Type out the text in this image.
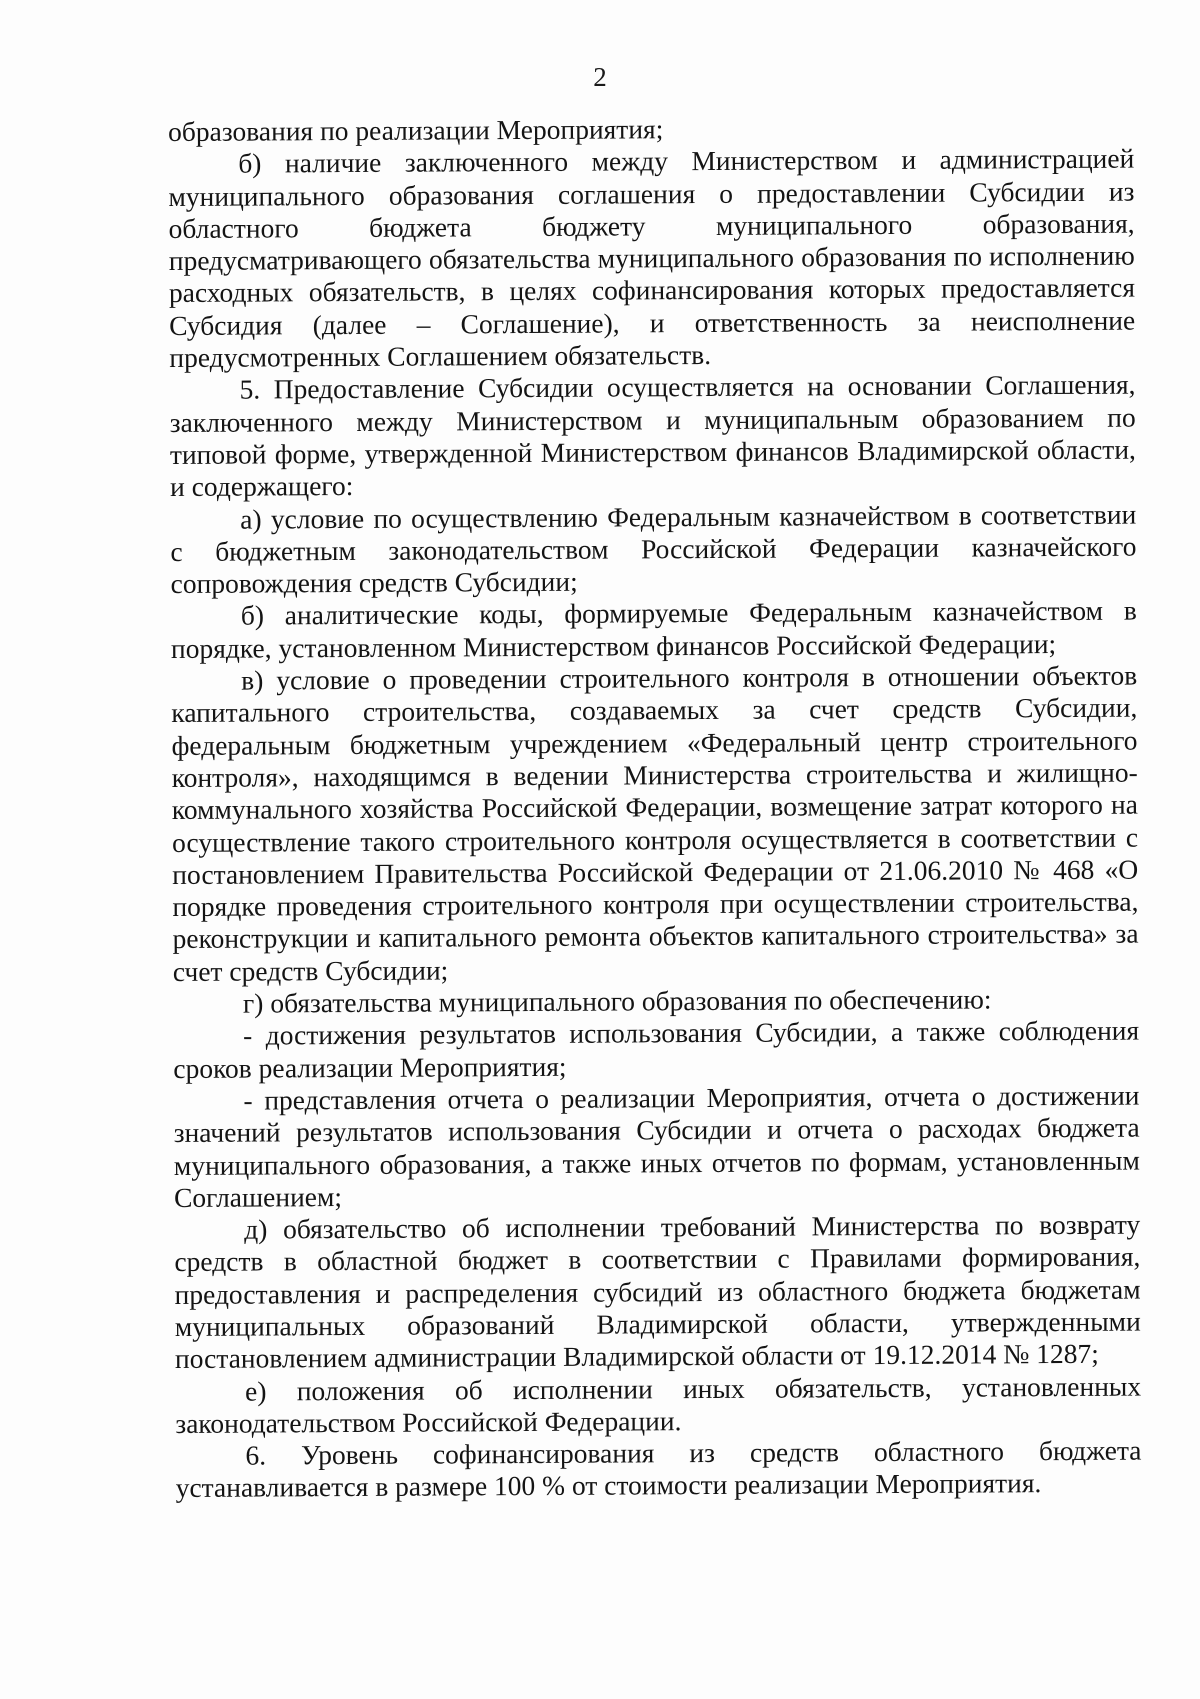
2

образования по реализации Мероприятия;

б) наличие заключенного между Министерством и администрацией муниципального образования соглашения о предоставлении Субсидии из областного бюджета бюджету муниципального образования, предусматривающего обязательства муниципального образования по исполнению расходных обязательств, в целях софинансирования которых предоставляется Субсидия (далее – Соглашение), и ответственность за неисполнение предусмотренных Соглашением обязательств.

5. Предоставление Субсидии осуществляется на основании Соглашения, заключенного между Министерством и муниципальным образованием по типовой форме, утвержденной Министерством финансов Владимирской области, и содержащего:

а) условие по осуществлению Федеральным казначейством в соответствии с бюджетным законодательством Российской Федерации казначейского сопровождения средств Субсидии;

б) аналитические коды, формируемые Федеральным казначейством в порядке, установленном Министерством финансов Российской Федерации;

в) условие о проведении строительного контроля в отношении объектов капитального строительства, создаваемых за счет средств Субсидии, федеральным бюджетным учреждением «Федеральный центр строительного контроля», находящимся в ведении Министерства строительства и жилищно-коммунального хозяйства Российской Федерации, возмещение затрат которого на осуществление такого строительного контроля осуществляется в соответствии с постановлением Правительства Российской Федерации от 21.06.2010 № 468 «О порядке проведения строительного контроля при осуществлении строительства, реконструкции и капитального ремонта объектов капитального строительства» за счет средств Субсидии;

г) обязательства муниципального образования по обеспечению:

- достижения результатов использования Субсидии, а также соблюдения сроков реализации Мероприятия;

- представления отчета о реализации Мероприятия, отчета о достижении значений результатов использования Субсидии и отчета о расходах бюджета муниципального образования, а также иных отчетов по формам, установленным Соглашением;

д) обязательство об исполнении требований Министерства по возврату средств в областной бюджет в соответствии с Правилами формирования, предоставления и распределения субсидий из областного бюджета бюджетам муниципальных образований Владимирской области, утвержденными постановлением администрации Владимирской области от 19.12.2014 № 1287;

е) положения об исполнении иных обязательств, установленных законодательством Российской Федерации.

6. Уровень софинансирования из средств областного бюджета устанавливается в размере 100 % от стоимости реализации Мероприятия.
